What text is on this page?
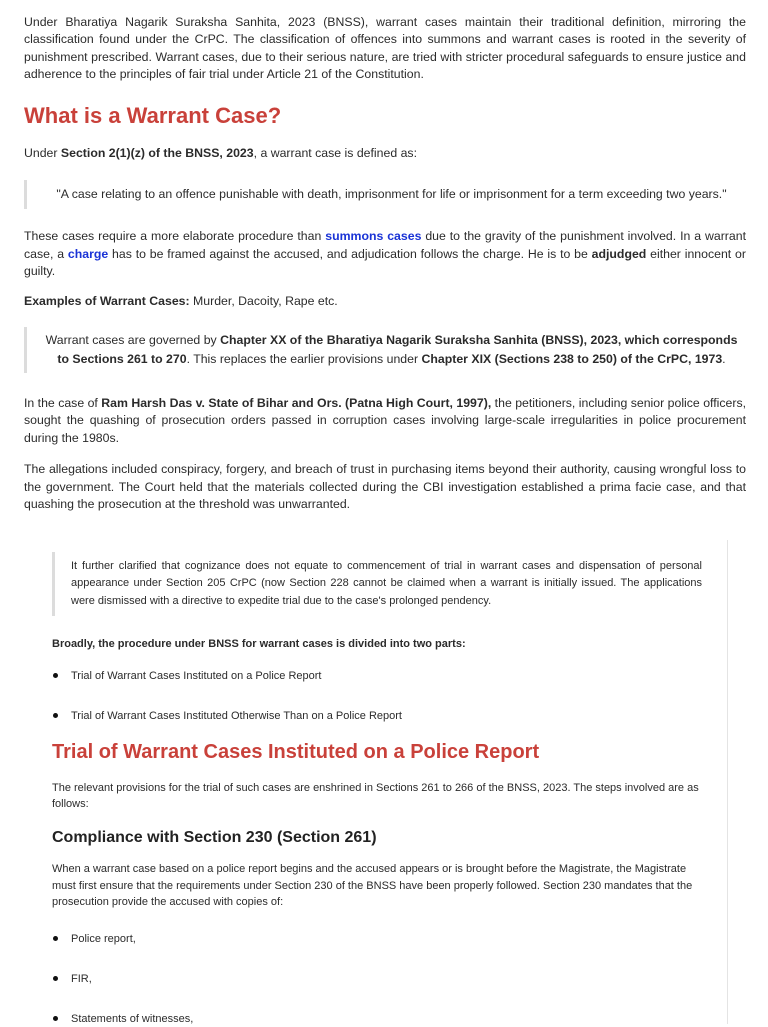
Under Bharatiya Nagarik Suraksha Sanhita, 2023 (BNSS), warrant cases maintain their traditional definition, mirroring the classification found under the CrPC. The classification of offences into summons and warrant cases is rooted in the severity of punishment prescribed. Warrant cases, due to their serious nature, are tried with stricter procedural safeguards to ensure justice and adherence to the principles of fair trial under Article 21 of the Constitution.

What is a Warrant Case?

Under Section 2(1)(z) of the BNSS, 2023, a warrant case is defined as:

"A case relating to an offence punishable with death, imprisonment for life or imprisonment for a term exceeding two years."

These cases require a more elaborate procedure than summons cases due to the gravity of the punishment involved. In a warrant case, a charge has to be framed against the accused, and adjudication follows the charge. He is to be adjudged either innocent or guilty.

Examples of Warrant Cases: Murder, Dacoity, Rape etc.

Warrant cases are governed by Chapter XX of the Bharatiya Nagarik Suraksha Sanhita (BNSS), 2023, which corresponds to Sections 261 to 270. This replaces the earlier provisions under Chapter XIX (Sections 238 to 250) of the CrPC, 1973.

In the case of Ram Harsh Das v. State of Bihar and Ors. (Patna High Court, 1997), the petitioners, including senior police officers, sought the quashing of prosecution orders passed in corruption cases involving large-scale irregularities in police procurement during the 1980s.

The allegations included conspiracy, forgery, and breach of trust in purchasing items beyond their authority, causing wrongful loss to the government. The Court held that the materials collected during the CBI investigation established a prima facie case, and that quashing the prosecution at the threshold was unwarranted.

It further clarified that cognizance does not equate to commencement of trial in warrant cases and dispensation of personal appearance under Section 205 CrPC (now Section 228 cannot be claimed when a warrant is initially issued. The applications were dismissed with a directive to expedite trial due to the case's prolonged pendency.

Broadly, the procedure under BNSS for warrant cases is divided into two parts:

Trial of Warrant Cases Instituted on a Police Report
Trial of Warrant Cases Instituted Otherwise Than on a Police Report
Trial of Warrant Cases Instituted on a Police Report

The relevant provisions for the trial of such cases are enshrined in Sections 261 to 266 of the BNSS, 2023. The steps involved are as follows:

Compliance with Section 230 (Section 261)

When a warrant case based on a police report begins and the accused appears or is brought before the Magistrate, the Magistrate must first ensure that the requirements under Section 230 of the BNSS have been properly followed. Section 230 mandates that the prosecution provide the accused with copies of:

Police report,
FIR,
Statements of witnesses,
